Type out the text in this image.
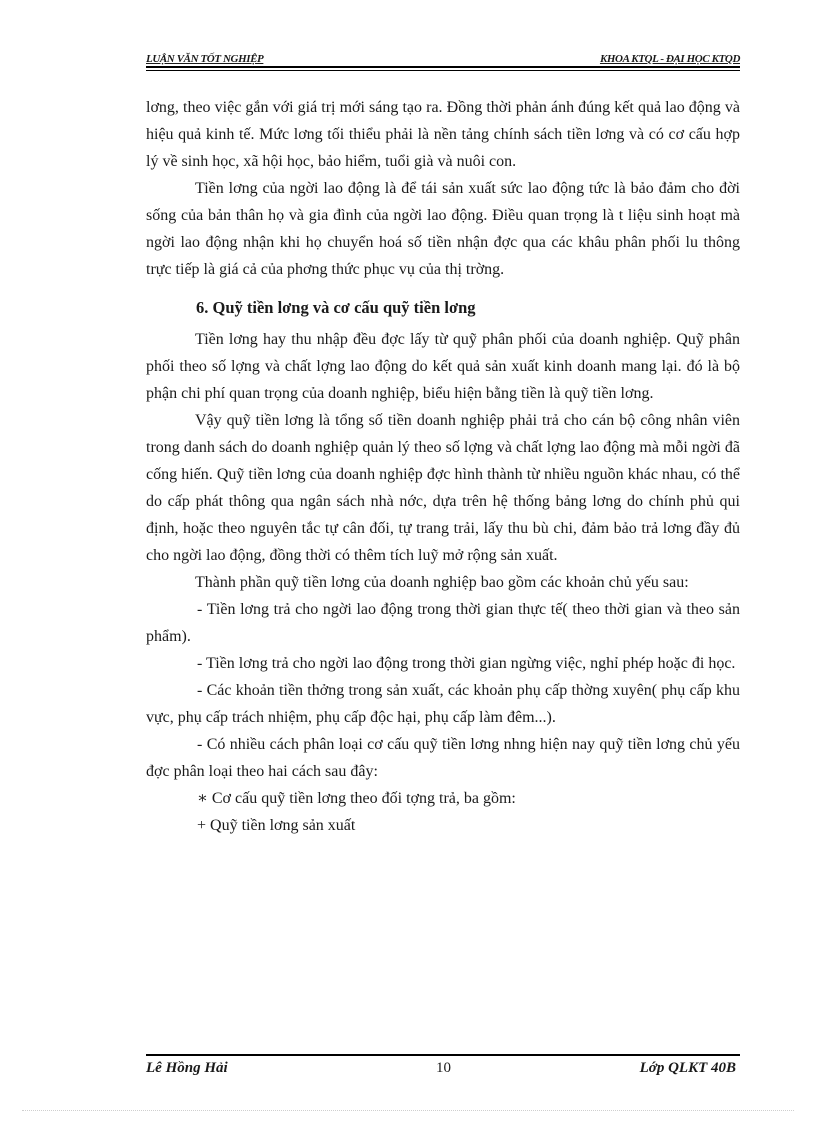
LUẬN VĂN TỐT NGHIỆP	KHOA KTQL - ĐẠI HỌC KTQD

lơng, theo việc gắn với giá trị mới sáng tạo ra. Đồng thời phản ánh đúng kết quả lao động và hiệu quả kinh tế. Mức lơng tối thiểu phải là nền tảng chính sách tiền lơng và có cơ cấu hợp lý về sinh học, xã hội học, bảo hiểm, tuổi già và nuôi con.

Tiền lơng của ngời lao động là để tái sản xuất sức lao động tức là bảo đảm cho đời sống của bản thân họ và gia đình của ngời lao động. Điều quan trọng là t liệu sinh hoạt mà ngời lao động nhận khi họ chuyển hoá số tiền nhận đợc qua các khâu phân phối lu thông trực tiếp là giá cả của phơng thức phục vụ của thị trờng.

6. Quỹ tiền lơng và cơ cấu quỹ tiền lơng

Tiền lơng hay thu nhập đều đợc lấy từ quỹ phân phối của doanh nghiệp. Quỹ phân phối theo số lợng và chất lợng lao động do kết quả sản xuất kinh doanh mang lại. đó là bộ phận chi phí quan trọng của doanh nghiệp, biểu hiện bằng tiền là quỹ tiền lơng.

Vậy quỹ tiền lơng là tổng số tiền doanh nghiệp phải trả cho cán bộ công nhân viên trong danh sách do doanh nghiệp quản lý theo số lợng và chất lợng lao động mà mỗi ngời đã cống hiến. Quỹ tiền lơng của doanh nghiệp đợc hình thành từ nhiều nguồn khác nhau, có thể do cấp phát thông qua ngân sách nhà nớc, dựa trên hệ thống bảng lơng do chính phủ qui định, hoặc theo nguyên tắc tự cân đối, tự trang trải, lấy thu bù chi, đảm bảo trả lơng đầy đủ cho ngời lao động, đồng thời có thêm tích luỹ mở rộng sản xuất.

Thành phần quỹ tiền lơng của doanh nghiệp bao gồm các khoản chủ yếu sau:

- Tiền lơng trả cho ngời lao động trong thời gian thực tế( theo thời gian và theo sản phẩm).

- Tiền lơng trả cho ngời lao động trong thời gian ngừng việc, nghỉ phép hoặc đi học.

- Các khoản tiền thởng trong sản xuất, các khoản phụ cấp thờng xuyên( phụ cấp khu vực, phụ cấp trách nhiệm, phụ cấp độc hại, phụ cấp làm đêm...).

- Có nhiều cách phân loại cơ cấu quỹ tiền lơng nhng hiện nay quỹ tiền lơng chủ yếu đợc phân loại theo hai cách sau đây:

∗ Cơ cấu quỹ tiền lơng theo đối tợng trả, ba gồm:

+ Quỹ tiền lơng sản xuất

Lê Hồng Hải	10	Lớp QLKT 40B
